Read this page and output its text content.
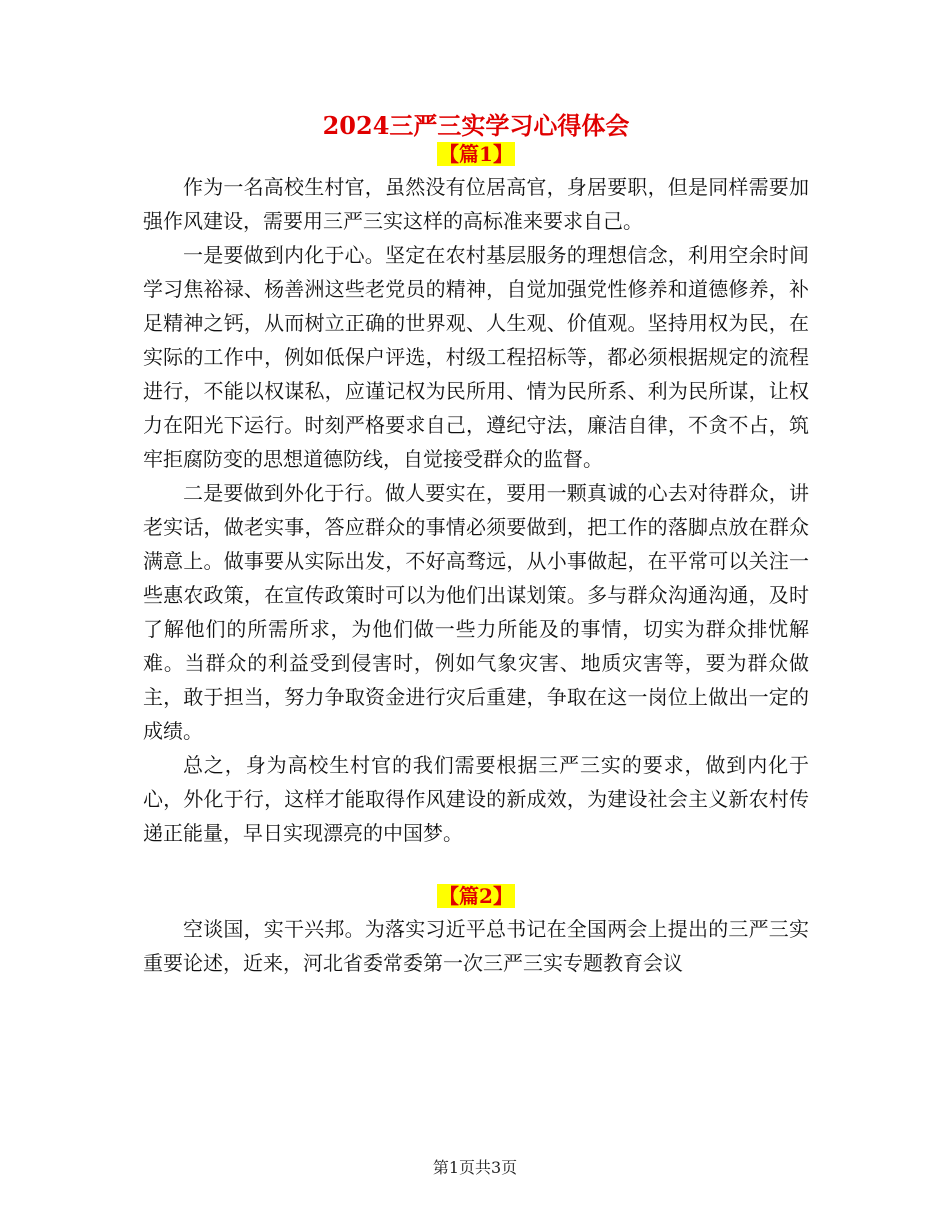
2024三严三实学习心得体会
【篇1】

作为一名高校生村官，虽然没有位居高官，身居要职，但是同样需要加强作风建设，需要用三严三实这样的高标准来要求自己。

一是要做到内化于心。坚定在农村基层服务的理想信念，利用空余时间学习焦裕禄、杨善洲这些老党员的精神，自觉加强党性修养和道德修养，补足精神之钙，从而树立正确的世界观、人生观、价值观。坚持用权为民，在实际的工作中，例如低保户评选，村级工程招标等，都必须根据规定的流程进行，不能以权谋私，应谨记权为民所用、情为民所系、利为民所谋，让权力在阳光下运行。时刻严格要求自己，遵纪守法，廉洁自律，不贪不占，筑牢拒腐防变的思想道德防线，自觉接受群众的监督。

二是要做到外化于行。做人要实在，要用一颗真诚的心去对待群众，讲老实话，做老实事，答应群众的事情必须要做到，把工作的落脚点放在群众满意上。做事要从实际出发，不好高骛远，从小事做起，在平常可以关注一些惠农政策，在宣传政策时可以为他们出谋划策。多与群众沟通沟通，及时了解他们的所需所求，为他们做一些力所能及的事情，切实为群众排忧解难。当群众的利益受到侵害时，例如气象灾害、地质灾害等，要为群众做主，敢于担当，努力争取资金进行灾后重建，争取在这一岗位上做出一定的成绩。

总之，身为高校生村官的我们需要根据三严三实的要求，做到内化于心，外化于行，这样才能取得作风建设的新成效，为建设社会主义新农村传递正能量，早日实现漂亮的中国梦。

【篇2】

空谈国，实干兴邦。为落实习近平总书记在全国两会上提出的三严三实重要论述，近来，河北省委常委第一次三严三实专题教育会议

第1页共3页
